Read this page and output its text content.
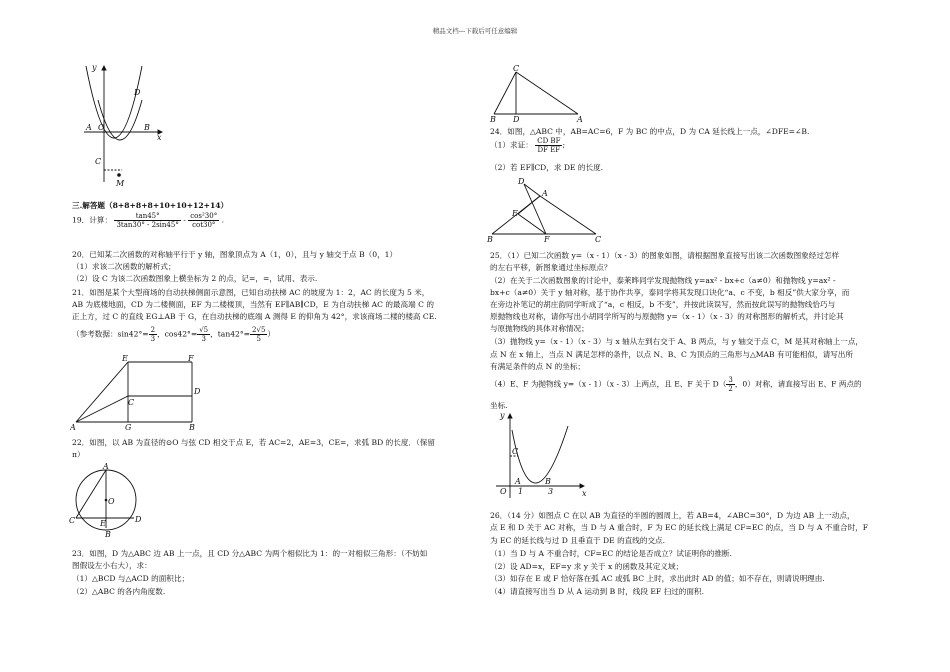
精品文档---下载后可任意编辑
y
D
A O	B
x
C
M
三.解答题（8+8+8+8+10+10+12+14）
19．计算： $\frac{\tan 45^\circ}{3\tan 30^\circ - 2\sin 45^\circ} - \frac{\text{cos²30°}}{\cot 30^\circ}$ .
20．已知某二次函数的对称轴平行于 y 轴，图象顶点为 A（1，0），且与 y 轴交于点 B（0，1）
（1）求该二次函数的解析式；
（2）设 C 为该二次函数图象上横坐标为 2 的点，记=，=，试用、表示.
21．如图是某个大型商场的自动扶梯侧面示意图，已知自动扶梯 AC 的坡度为 1：2，AC 的长度为 5 米，
AB 为底楼地面，CD 为二楼侧面，EF 为二楼楼顶，当然有 EF∥AB∥CD，E 为自动扶梯 AC 的最高端 C 的
正上方，过 C 的直线 EG⊥AB 于 G，在自动扶梯的底端 A 测得 E 的仰角为 42°，求该商场二楼的楼高 CE.
（参考数据：$\sin 42^\circ= \frac{2}{3}$ ，$\cos 42^\circ= \frac{√5}{3}$ ，$\tan 42^\circ= \frac{2√5}{5}$ ）
E	F
C
D
A	G	B
22．如图，以 AB 为直径的⊙O 与弦 CD 相交于点 E，若 AC=2，AE=3，CE=，求弧 BD 的长度．（保留
π）
A
O
C	E	D
B
23．如图，D 为△ABC 边 AB 上一点，且 CD 分△ABC 为两个相似比为 1：的一对相似三角形：（不妨如
图假设左小右大），求：
（1）△BCD 与△ACD 的面积比；
（2）△ABC 的各内角度数.
C
B D	A
24．如图，△ABC 中，AB=AC=6，F 为 BC 的中点，D 为 CA 延长线上一点，∠DFE=∠B.
（1）求证： $\frac{\text{CD BF}}{\text{DF EF}}$ ;
（2）若 EF∥CD，求 DE 的长度.
D
A
E
B	F	C
25．（1）已知二次函数 y=（x - 1）（x - 3）的图象如图，请根据图象直接写出该二次函数图象经过怎样
的左右平移，新图象通过坐标原点？
（2）在关于二次函数图象的讨论中，泰莱晔同学发现抛物线 y=ax² - bx+c（a≠0）和抛物线 y=ax² -
bx+c（a≠0）关于 y 轴对称，基于协作共享，泰同学将其发现口诀化“a、c 不变，b 相反”供大家分享，而
在旁边补笔记的胡庄韵同学听成了“a，c 相反，b 不变”，并按此读误写，然而按此误写的抛物线恰巧与
原抛物线也对称，请你写出小胡同学所写的与原抛物 y=（x - 1）（x - 3）的对称图形的解析式，并讨论其
与原抛物线的具体对称情况；
（3）抛物线 y=（x - 1）（x - 3）与 x 轴从左到右交于 A、B 两点，与 y 轴交于点 C，M 是其对称轴上一点，
点 N 在 x 轴上，当点 N 满足怎样的条件，以点 N、B、C 为顶点的三角形与△MAB 有可能相似，请写出所
有满足条件的点 N 的坐标；
（4）E、F 为抛物线 y=（x - 1）（x - 3）上两点，且 E、F 关于 $D( \frac{3}{2}$ ，0）对称，请直接写出 E、F 两点的
坐标.
y
C
O
A	B
x
1	3
26．（14 分）如图点 C 在以 AB 为直径的半圆的圆周上，若 AB=4，∠ABC=30°，D 为边 AB 上一动点，
点 E 和 D 关于 AC 对称，当 D 与 A 重合时，F 为 EC 的延长线上满足 CF=EC 的点，当 D 与 A 不重合时，F
为 EC 的延长线与过 D 且垂直于 DE 的直线的交点.
（1）当 D 与 A 不重合时，CF=EC 的结论是否成立？试证明你的推断.
（2）设 AD=x，EF=y 求 y 关于 x 的函数及其定义域；
（3）如存在 E 或 F 恰好落在弧 AC 或弧 BC 上时，求出此时 AD 的值；如不存在，则请说明理由.
（4）请直接写出当 D 从 A 运动到 B 时，线段 EF 扫过的面积.
